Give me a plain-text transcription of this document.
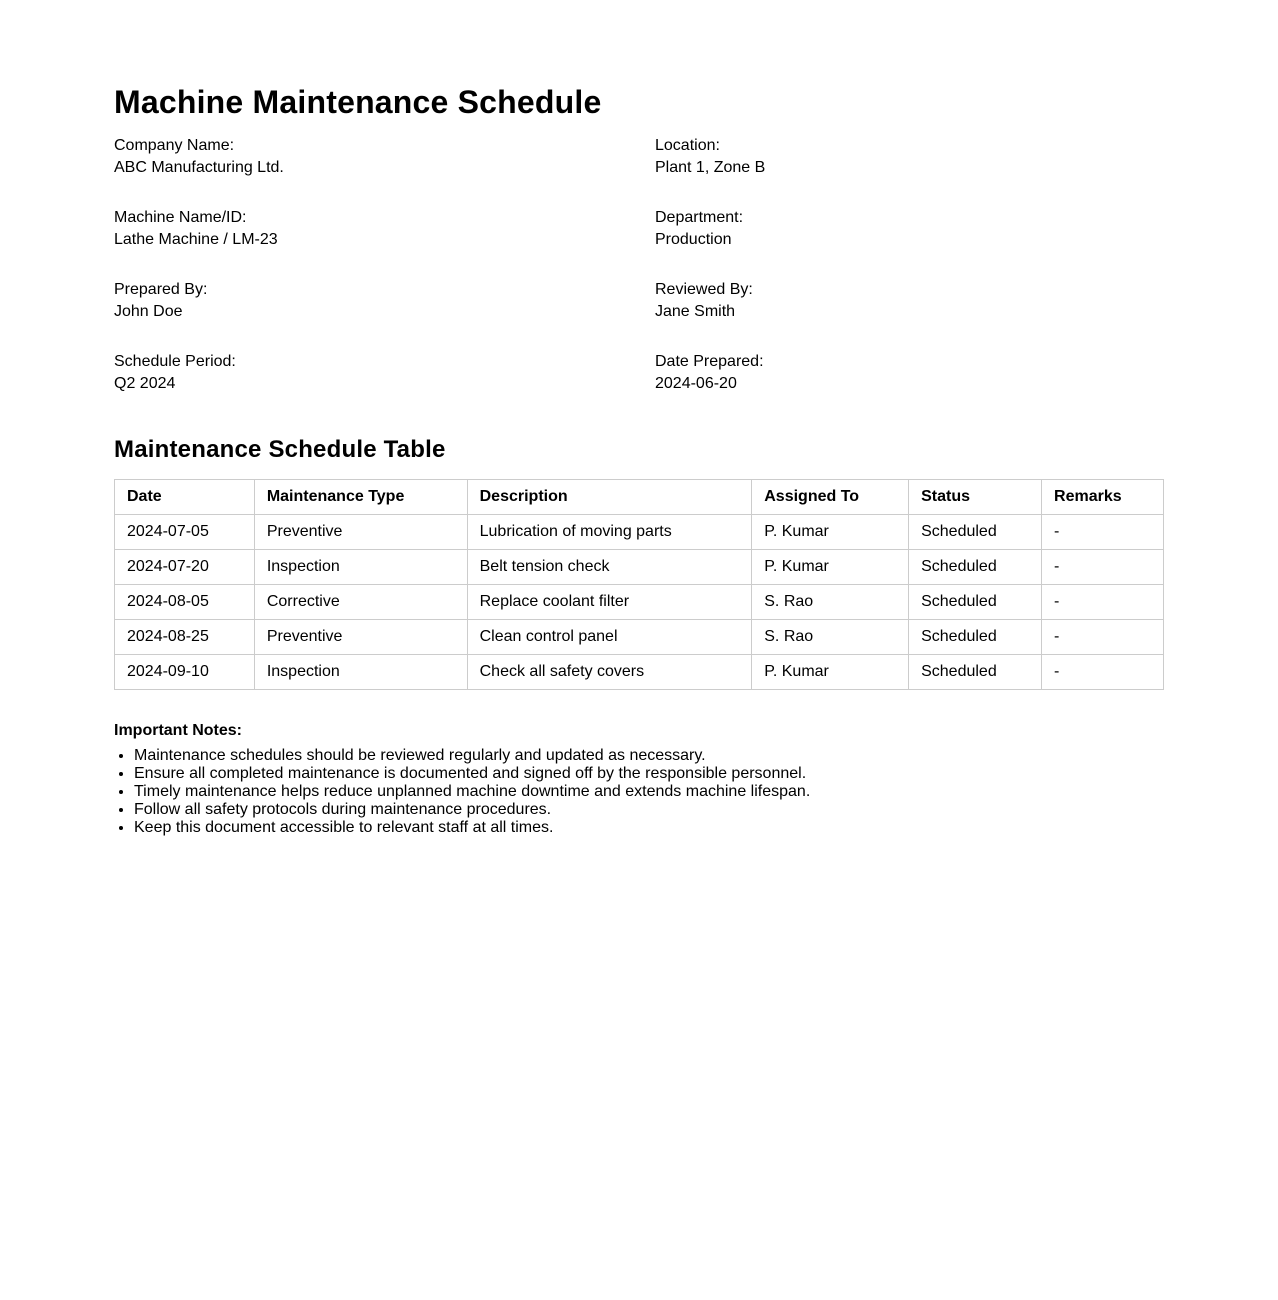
Machine Maintenance Schedule
Company Name:
ABC Manufacturing Ltd.
Location:
Plant 1, Zone B
Machine Name/ID:
Lathe Machine / LM-23
Department:
Production
Prepared By:
John Doe
Reviewed By:
Jane Smith
Schedule Period:
Q2 2024
Date Prepared:
2024-06-20
Maintenance Schedule Table
Date	Maintenance Type	Description	Assigned To	Status	Remarks
2024-07-05	Preventive	Lubrication of moving parts	P. Kumar	Scheduled	-
2024-07-20	Inspection	Belt tension check	P. Kumar	Scheduled	-
2024-08-05	Corrective	Replace coolant filter	S. Rao	Scheduled	-
2024-08-25	Preventive	Clean control panel	S. Rao	Scheduled	-
2024-09-10	Inspection	Check all safety covers	P. Kumar	Scheduled	-
Important Notes:
• Maintenance schedules should be reviewed regularly and updated as necessary.
• Ensure all completed maintenance is documented and signed off by the responsible personnel.
• Timely maintenance helps reduce unplanned machine downtime and extends machine lifespan.
• Follow all safety protocols during maintenance procedures.
• Keep this document accessible to relevant staff at all times.
